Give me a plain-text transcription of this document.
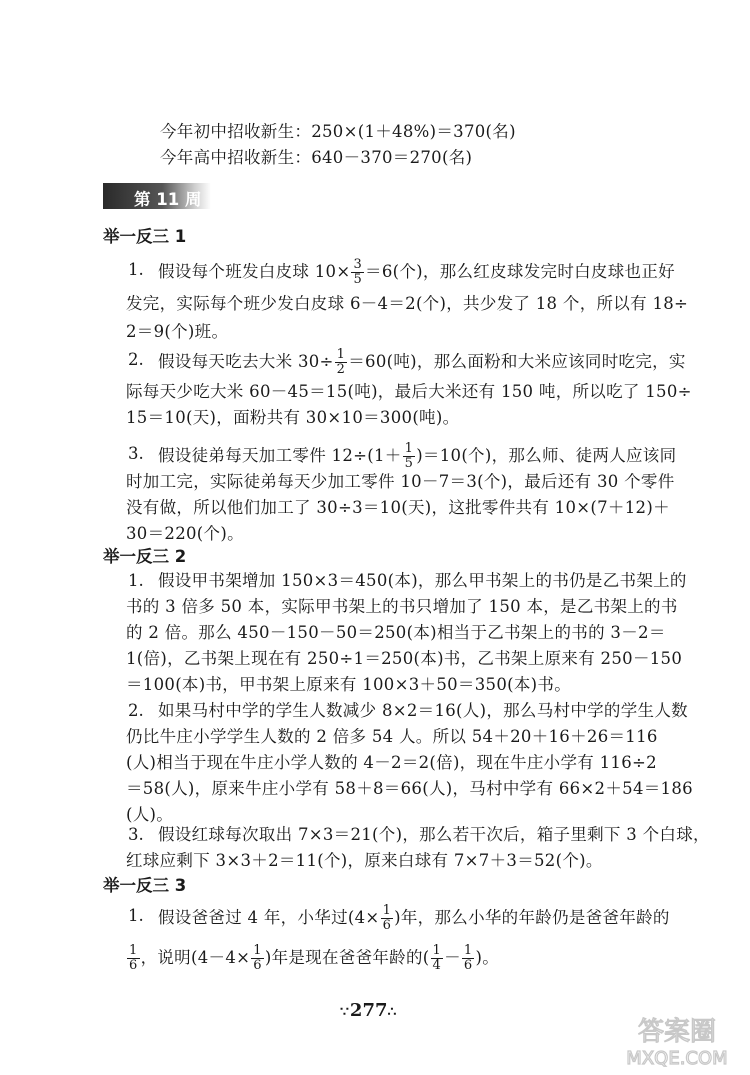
今年初中招收新生：250×(1＋48%)＝370(名)
今年高中招收新生：640－370＝270(名)
第 11 周
举一反三 1
1. 假设每个班发白皮球 $10\times \frac{3}{5} =6$(个)，那么红皮球发完时白皮球也正好
发完，实际每个班少发白皮球 6－4＝2(个)，共少发了 18 个，所以有 18÷
2＝9(个)班。
2. 假设每天吃去大米 $30\div \frac{1}{2} =60$(吨)，那么面粉和大米应该同时吃完，实
际每天少吃大米 60－45＝15(吨)，最后大米还有 150 吨，所以吃了 150÷
15＝10(天)，面粉共有 30×10＝300(吨)。
3. 假设徒弟每天加工零件 $12\div(1+ \frac{1}{5} )=10$(个)，那么师、徒两人应该同
时加工完，实际徒弟每天少加工零件 10－7＝3(个)，最后还有 30 个零件
没有做，所以他们加工了 30÷3＝10(天)，这批零件共有 10×(7＋12)＋
30＝220(个)。
举一反三 2
1. 假设甲书架增加 150×3＝450(本)，那么甲书架上的书仍是乙书架上的
书的 3 倍多 50 本，实际甲书架上的书只增加了 150 本，是乙书架上的书
的 2 倍。那么 450－150－50＝250(本)相当于乙书架上的书的 3－2＝
1(倍)，乙书架上现在有 250÷1＝250(本)书，乙书架上原来有 250－150
＝100(本)书，甲书架上原来有 100×3＋50＝350(本)书。
2. 如果马村中学的学生人数减少 8×2＝16(人)，那么马村中学的学生人数
仍比牛庄小学学生人数的 2 倍多 54 人。所以 54＋20＋16＋26＝116
(人)相当于现在牛庄小学人数的 4－2＝2(倍)，现在牛庄小学有 116÷2
＝58(人)，原来牛庄小学有 58＋8＝66(人)，马村中学有 66×2＋54＝186
(人)。
3. 假设红球每次取出 7×3＝21(个)，那么若干次后，箱子里剩下 3 个白球，
红球应剩下 3×3＋2＝11(个)，原来白球有 7×7＋3＝52(个)。
举一反三 3
1. 假设爸爸过 4 年，小华过($4\times \frac{1}{6}$ )年，那么小华的年龄仍是爸爸年龄的
$\frac{1}{6}$ ，说明($4-4\times \frac{1}{6}$ )年是现在爸爸年龄的( $\frac{1}{4} - \frac{1}{6}$ )。
∵277∴
答案圈
MXQE.COM
